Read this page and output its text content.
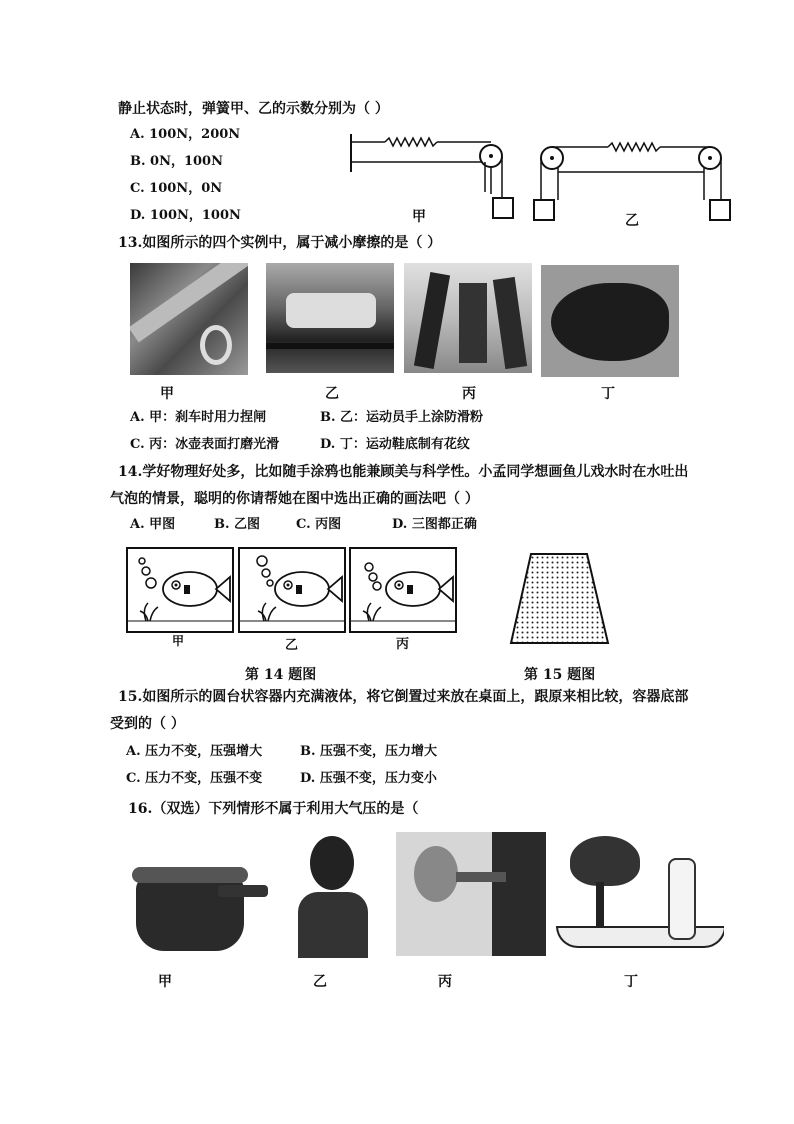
静止状态时，弹簧甲、乙的示数分别为（ ）
A. 100N，200N
B. 0N，100N
C. 100N，0N
D. 100N，100N	甲	乙
13.如图所示的四个实例中，属于减小摩擦的是（ ）
甲	乙	丙	丁
A. 甲：刹车时用力捏闸	B. 乙：运动员手上涂防滑粉
C. 丙：冰壶表面打磨光滑	D. 丁：运动鞋底制有花纹
14.学好物理好处多，比如随手涂鸦也能兼顾美与科学性。小孟同学想画鱼儿戏水时在水吐出
气泡的情景，聪明的你请帮她在图中选出正确的画法吧（ ）
A. 甲图	B. 乙图	C. 丙图	D. 三图都正确
甲	乙	丙
第 14 题图	第 15 题图
15.如图所示的圆台状容器内充满液体，将它倒置过来放在桌面上，跟原来相比较，容器底部
受到的（ ）
A. 压力不变，压强增大	B. 压强不变，压力增大
C. 压力不变，压强不变	D. 压强不变，压力变小
16.（双选）下列情形不属于利用大气压的是（
甲	乙	丙	丁
